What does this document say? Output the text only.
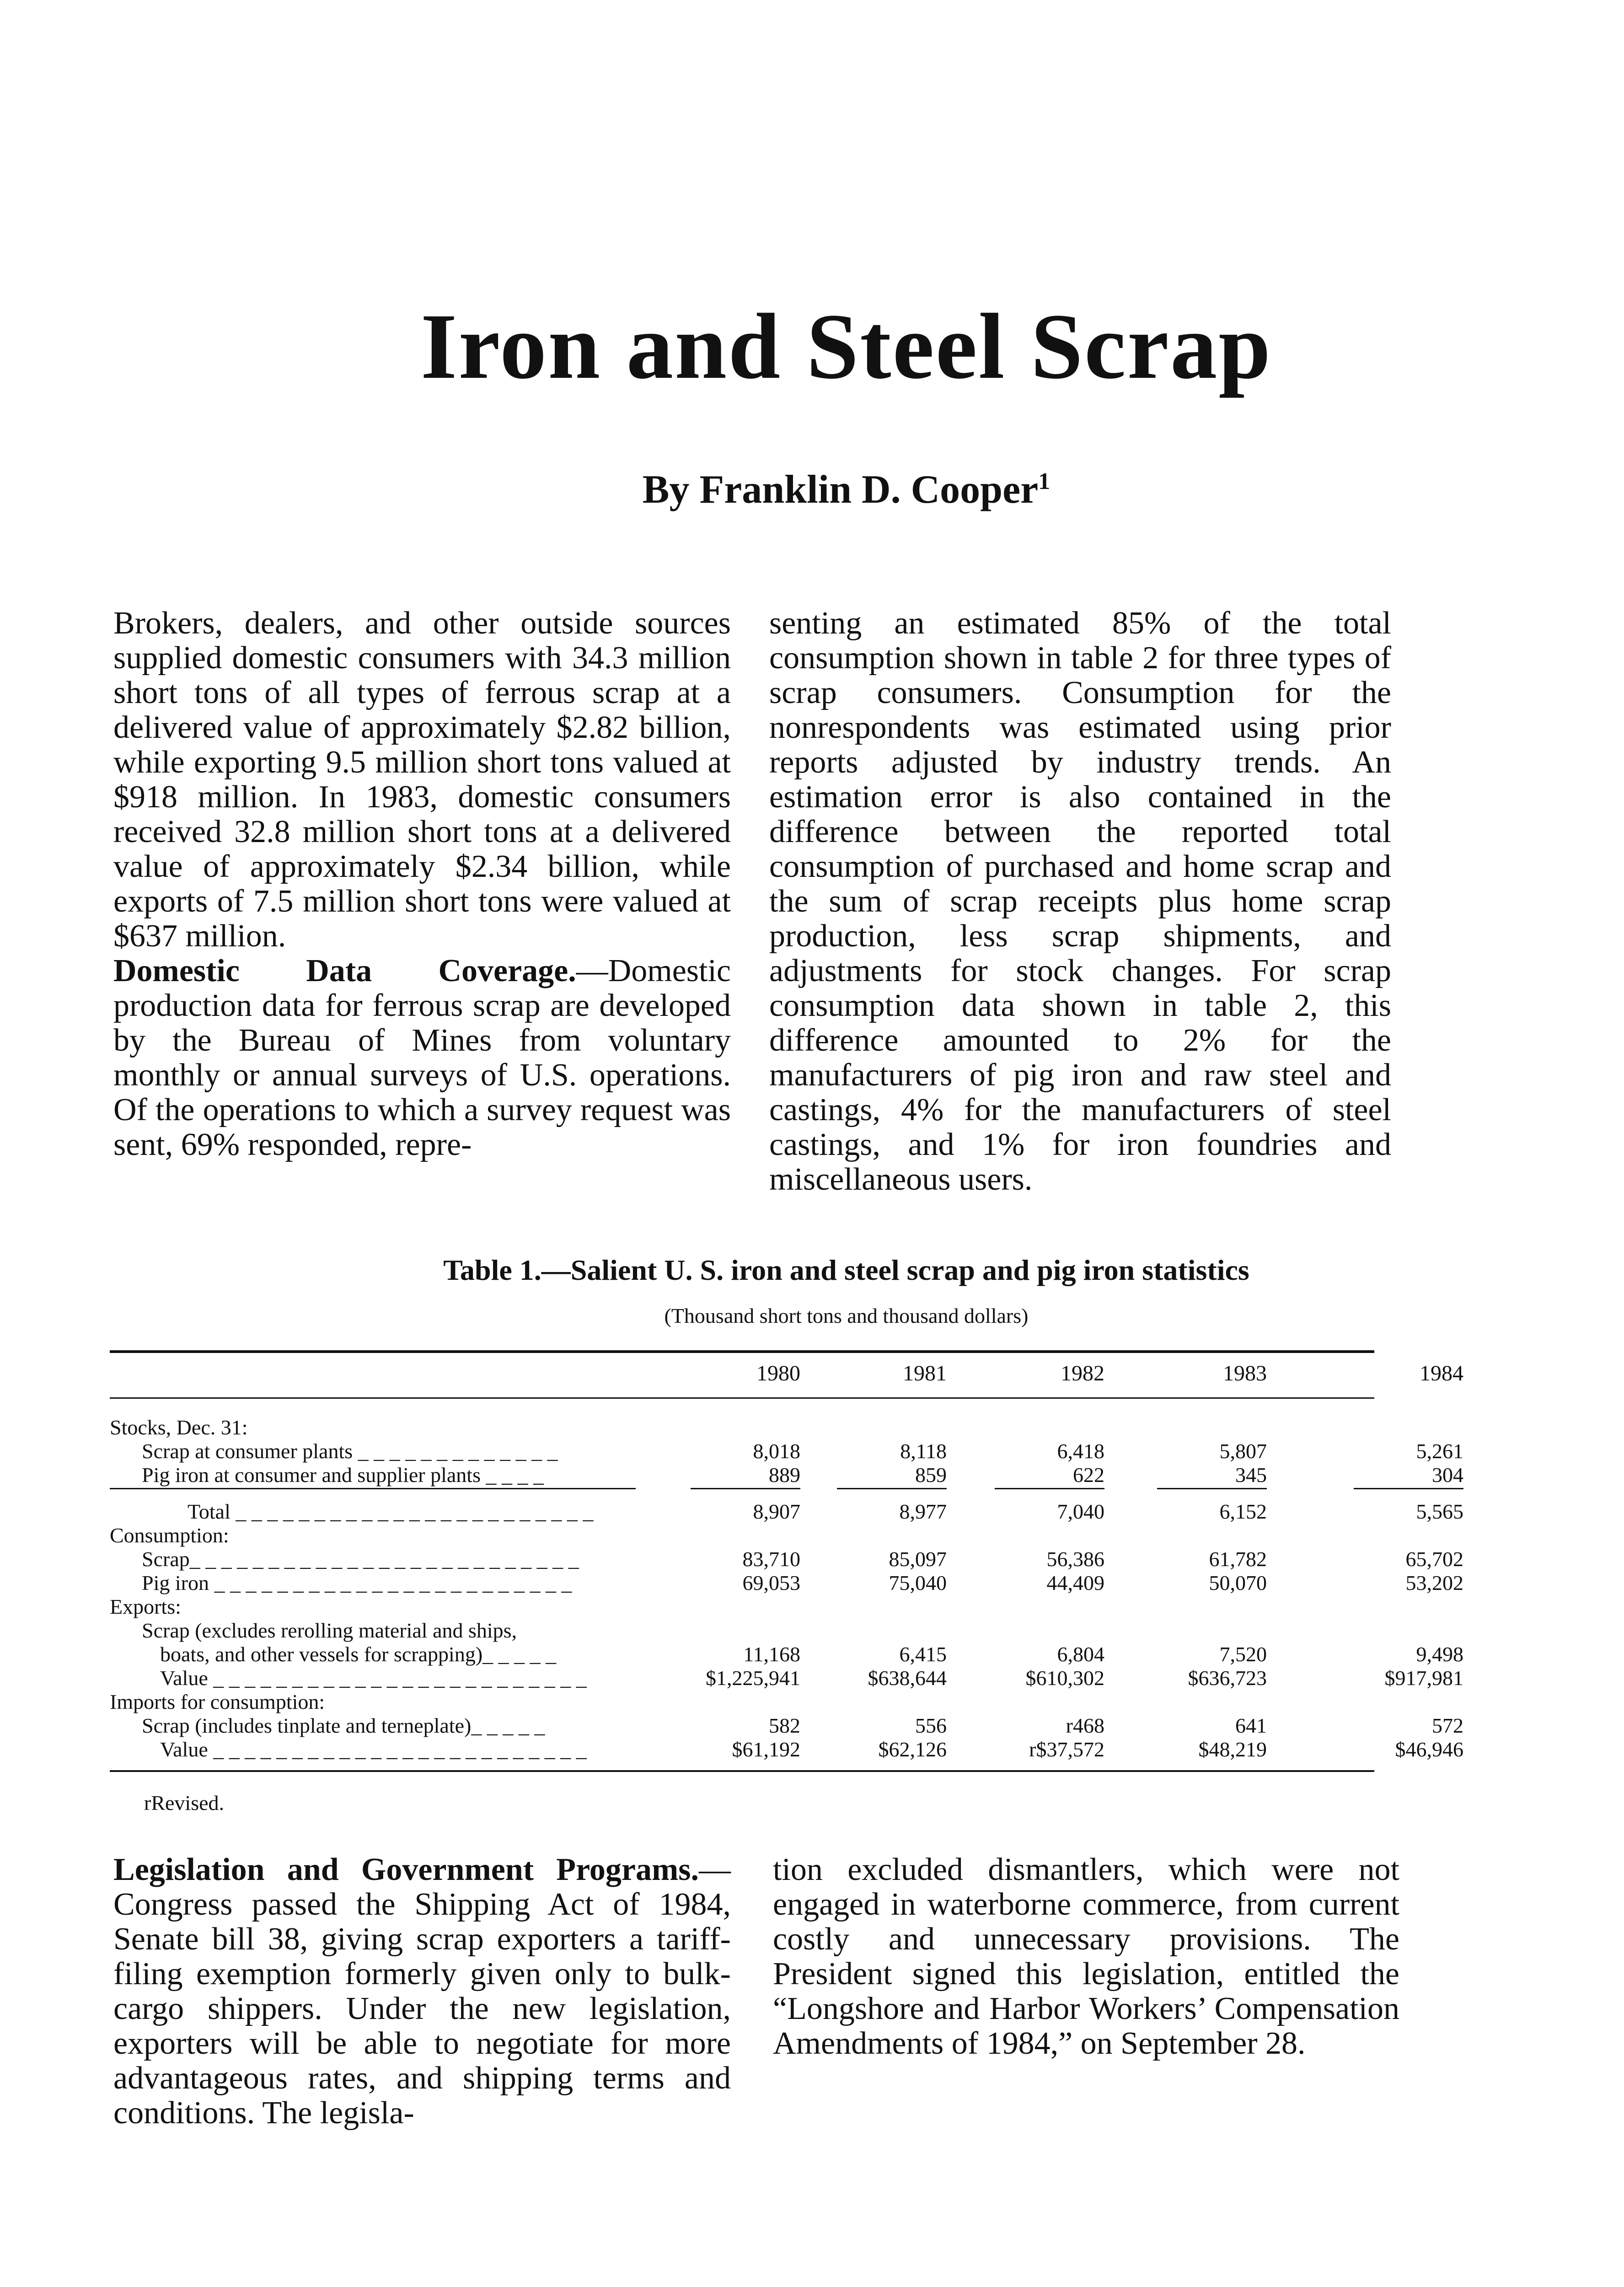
Iron and Steel Scrap
By Franklin D. Cooper$^1$

Brokers, dealers, and other outside sources supplied domestic consumers with 34.3 million short tons of all types of ferrous scrap at a delivered value of approximately $2.82 billion, while exporting 9.5 million short tons valued at $918 million. In 1983, domestic consumers received 32.8 million short tons at a delivered value of approximately $2.34 billion, while exports of 7.5 million short tons were valued at $637 million.

Domestic Data Coverage.—Domestic production data for ferrous scrap are developed by the Bureau of Mines from voluntary monthly or annual surveys of U.S. operations. Of the operations to which a survey request was sent, 69% responded, repre-

senting an estimated 85% of the total consumption shown in table 2 for three types of scrap consumers. Consumption for the nonrespondents was estimated using prior reports adjusted by industry trends. An estimation error is also contained in the difference between the reported total consumption of purchased and home scrap and the sum of scrap receipts plus home scrap production, less scrap shipments, and adjustments for stock changes. For scrap consumption data shown in table 2, this difference amounted to 2% for the manufacturers of pig iron and raw steel and castings, 4% for the manufacturers of steel castings, and 1% for iron foundries and miscellaneous users.

Table 1.—Salient U. S. iron and steel scrap and pig iron statistics
(Thousand short tons and thousand dollars)
1980	1981	1982	1983	1984
Stocks, Dec. 31:
Scrap at consumer plants _ _ _ _ _ _ _ _ _ _ _ _ _	8,018	8,118	6,418	5,807	5,261
Pig iron at consumer and supplier plants _ _ _ _	889	859	622	345	304
Total _ _ _ _ _ _ _ _ _ _ _ _ _ _ _ _ _ _ _ _ _ _ _	8,907	8,977	7,040	6,152	5,565
Consumption:
Scrap_ _ _ _ _ _ _ _ _ _ _ _ _ _ _ _ _ _ _ _ _ _ _ _ _	83,710	85,097	56,386	61,782	65,702
Pig iron _ _ _ _ _ _ _ _ _ _ _ _ _ _ _ _ _ _ _ _ _ _ _	69,053	75,040	44,409	50,070	53,202
Exports:
Scrap (excludes rerolling material and ships,
boats, and other vessels for scrapping)_ _ _ _ _	11,168	6,415	6,804	7,520	9,498
Value _ _ _ _ _ _ _ _ _ _ _ _ _ _ _ _ _ _ _ _ _ _ _ _	$1,225,941	$638,644	$610,302	$636,723	$917,981
Imports for consumption:
Scrap (includes tinplate and terneplate)_ _ _ _ _	582	556	r468	641	572
Value _ _ _ _ _ _ _ _ _ _ _ _ _ _ _ _ _ _ _ _ _ _ _ _	$61,192	$62,126	r$37,572	$48,219	$46,946
rRevised.

Legislation and Government Programs.—Congress passed the Shipping Act of 1984, Senate bill 38, giving scrap exporters a tariff-filing exemption formerly given only to bulk-cargo shippers. Under the new legislation, exporters will be able to negotiate for more advantageous rates, and shipping terms and conditions. The legisla-

tion excluded dismantlers, which were not engaged in waterborne commerce, from current costly and unnecessary provisions. The President signed this legislation, entitled the “Longshore and Harbor Workers’ Compensation Amendments of 1984,” on September 28.
